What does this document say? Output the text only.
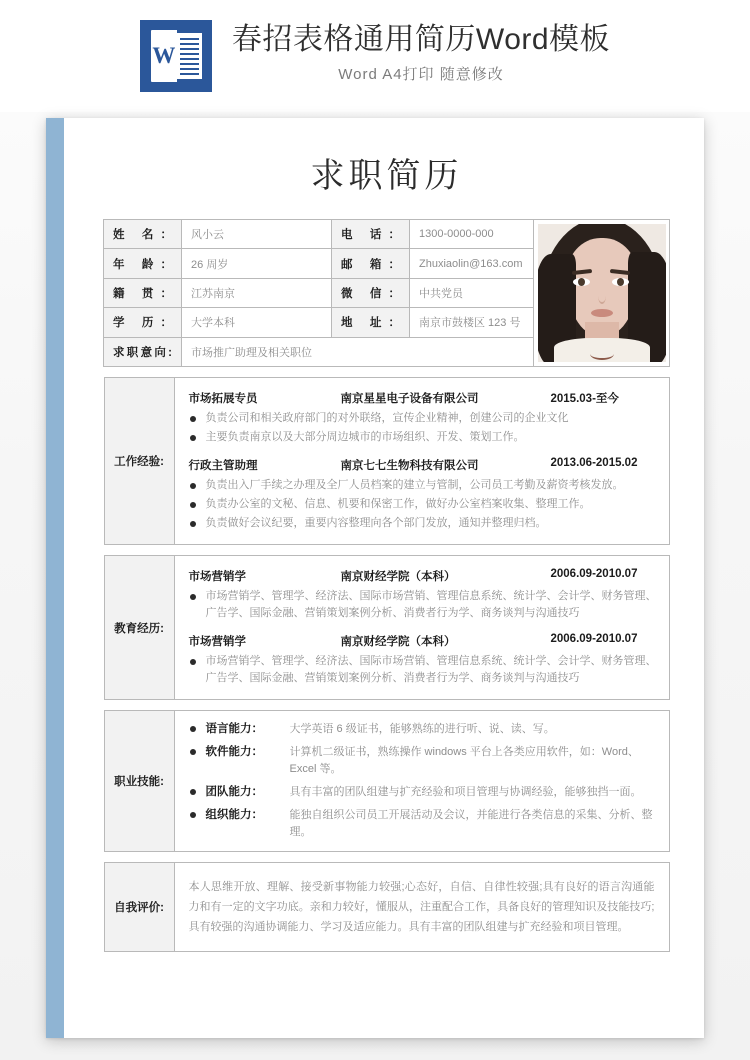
W 春招表格通用简历Word模板
Word A4打印 随意修改
求职简历
姓 名：	风小云	电 话：	1300-0000-000	

年 龄：	26 周岁	邮 箱：	Zhuxiaolin@163.com	
籍 贯：	江苏南京	微 信：	中共党员	
学 历：	大学本科	地 址：	南京市鼓楼区 123 号	
求职意向:	市场推广助理及相关职位			
工作经验:	
市场拓展专员	南京星星电子设备有限公司	2015.03-至今
负责公司和相关政府部门的对外联络，宣传企业精神，创建公司的企业文化
主要负责南京以及大部分周边城市的市场组织、开发、策划工作。
行政主管助理	南京七七生物科技有限公司	2013.06-2015.02
负责出入厂手续之办理及全厂人员档案的建立与管制，公司员工考勤及薪资考核发放。
负责办公室的文秘、信息、机要和保密工作，做好办公室档案收集、整理工作。
负责做好会议纪要，重要内容整理向各个部门发放，通知并整理归档。
教育经历:	
市场营销学	南京财经学院（本科）	2006.09-2010.07
市场营销学、管理学、经济法、国际市场营销、管理信息系统、统计学、会计学、财务管理、广告学、国际金融、营销策划案例分析、消费者行为学、商务谈判与沟通技巧
市场营销学	南京财经学院（本科）	2006.09-2010.07
市场营销学、管理学、经济法、国际市场营销、管理信息系统、统计学、会计学、财务管理、广告学、国际金融、营销策划案例分析、消费者行为学、商务谈判与沟通技巧
职业技能:	
语言能力：	大学英语 6 级证书，能够熟练的进行听、说、读、写。
软件能力：	计算机二级证书，熟练操作 windows 平台上各类应用软件，如：Word、Excel 等。
团队能力：	具有丰富的团队组建与扩充经验和项目管理与协调经验，能够独挡一面。
组织能力：	能独自组织公司员工开展活动及会议，并能进行各类信息的采集、分析、整理。
自我评价:	
本人思维开放、理解、接受新事物能力较强;心态好，自信、自律性较强;具有良好的语言沟通能力和有一定的文字功底。亲和力较好，懂服从，注重配合工作，具备良好的管理知识及技能技巧;具有较强的沟通协调能力、学习及适应能力。具有丰富的团队组建与扩充经验和项目管理。
